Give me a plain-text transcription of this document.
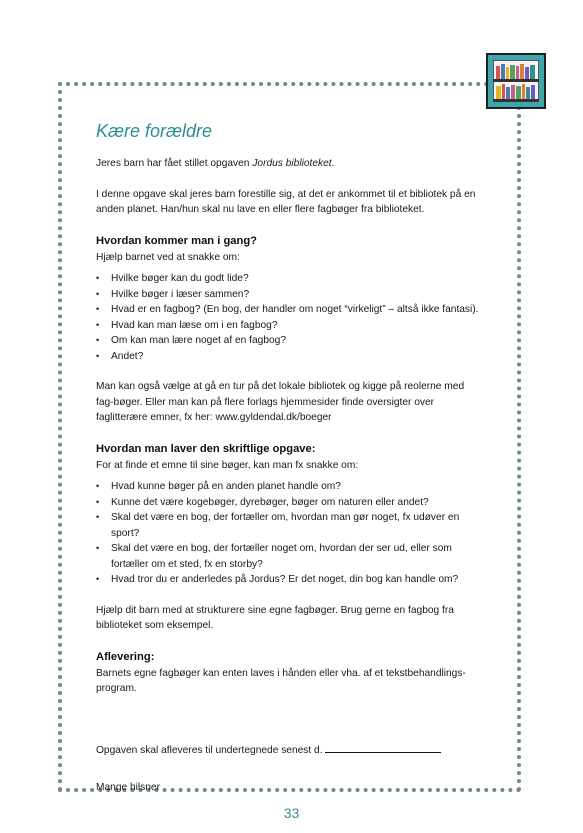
Kære forældre

Jeres barn har fået stillet opgaven Jordus biblioteket.

I denne opgave skal jeres barn forestille sig, at det er ankommet til et bibliotek på en anden planet. Han/hun skal nu lave en eller flere fagbøger fra biblioteket.

Hvordan kommer man i gang?

Hjælp barnet ved at snakke om:

• Hvilke bøger kan du godt lide?
• Hvilke bøger i læser sammen?
• Hvad er en fagbog? (En bog, der handler om noget “virkeligt” – altså ikke fantasi).
• Hvad kan man læse om i en fagbog?
• Om kan man lære noget af en fagbog?
• Andet?

Man kan også vælge at gå en tur på det lokale bibliotek og kigge på reolerne med fag-bøger. Eller man kan på flere forlags hjemmesider finde oversigter over faglitterære emner, fx her: www.gyldendal.dk/boeger

Hvordan man laver den skriftlige opgave:

For at finde et emne til sine bøger, kan man fx snakke om:

• Hvad kunne bøger på en anden planet handle om?
• Kunne det være kogebøger, dyrebøger, bøger om naturen eller andet?
• Skal det være en bog, der fortæller om, hvordan man gør noget, fx udøver en sport?
• Skal det være en bog, der fortæller noget om, hvordan der ser ud, eller som fortæller om et sted, fx en storby?
• Hvad tror du er anderledes på Jordus? Er det noget, din bog kan handle om?

Hjælp dit barn med at strukturere sine egne fagbøger. Brug gerne en fagbog fra biblioteket som eksempel.

Aflevering:

Barnets egne fagbøger kan enten laves i hånden eller vha. af et tekstbehandlings-program.

Opgaven skal afleveres til undertegnede senest d.

Mange hilsner

33
